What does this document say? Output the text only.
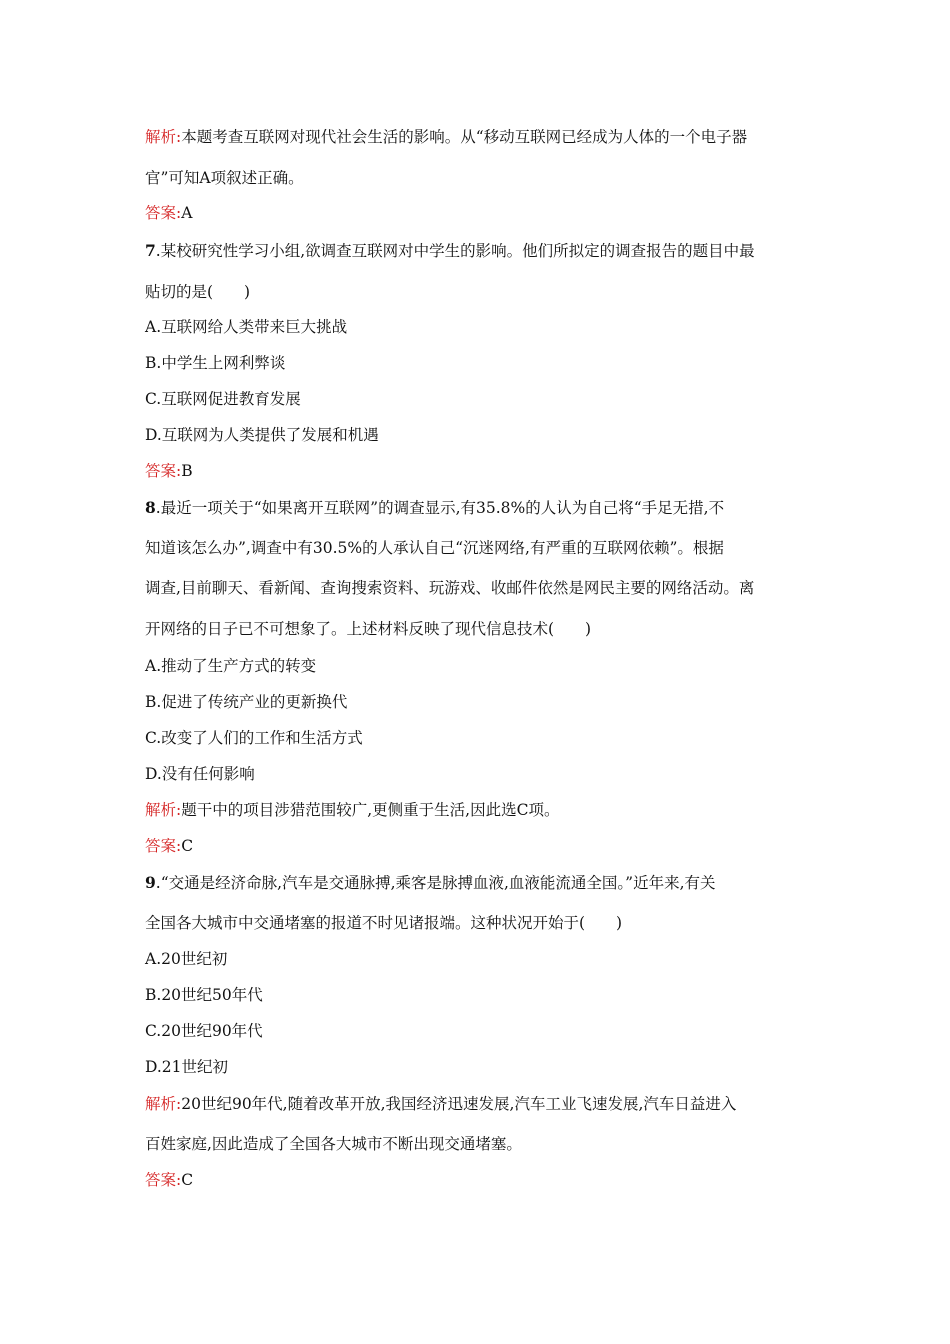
解析:本题考查互联网对现代社会生活的影响。从“移动互联网已经成为人体的一个电子器
官”可知A项叙述正确。
答案:A
7.某校研究性学习小组,欲调查互联网对中学生的影响。他们所拟定的调查报告的题目中最
贴切的是(　　)
A.互联网给人类带来巨大挑战
B.中学生上网利弊谈
C.互联网促进教育发展
D.互联网为人类提供了发展和机遇
答案:B
8.最近一项关于“如果离开互联网”的调查显示,有35.8%的人认为自己将“手足无措,不
知道该怎么办”,调查中有30.5%的人承认自己“沉迷网络,有严重的互联网依赖”。根据
调查,目前聊天、看新闻、查询搜索资料、玩游戏、收邮件依然是网民主要的网络活动。离
开网络的日子已不可想象了。上述材料反映了现代信息技术(　　)
A.推动了生产方式的转变
B.促进了传统产业的更新换代
C.改变了人们的工作和生活方式
D.没有任何影响
解析:题干中的项目涉猎范围较广,更侧重于生活,因此选C项。
答案:C
9.“交通是经济命脉,汽车是交通脉搏,乘客是脉搏血液,血液能流通全国。”近年来,有关
全国各大城市中交通堵塞的报道不时见诸报端。这种状况开始于(　　)
A.20世纪初
B.20世纪50年代
C.20世纪90年代
D.21世纪初
解析:20世纪90年代,随着改革开放,我国经济迅速发展,汽车工业飞速发展,汽车日益进入
百姓家庭,因此造成了全国各大城市不断出现交通堵塞。
答案:C
